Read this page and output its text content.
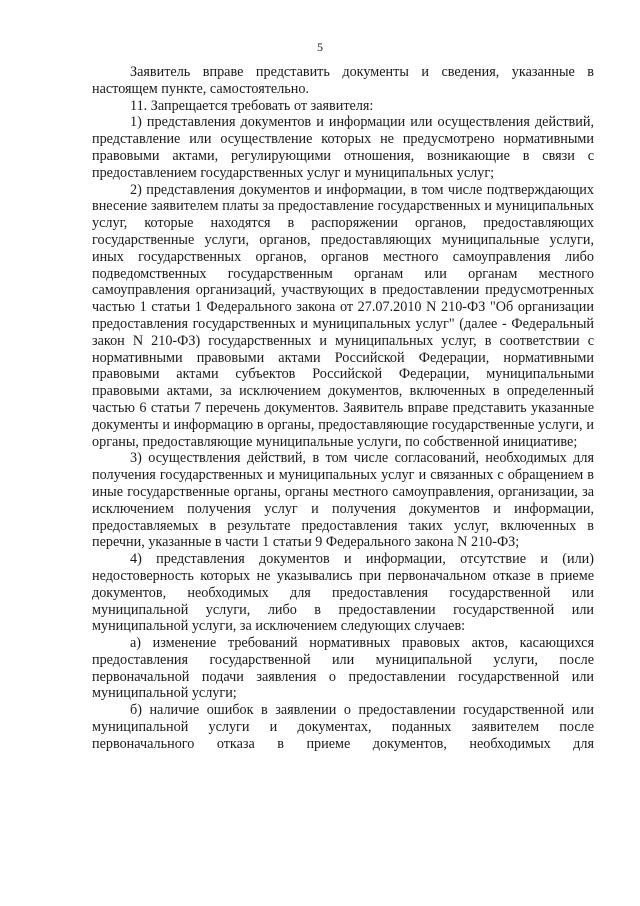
5

Заявитель вправе представить документы и сведения, указанные в настоящем пункте, самостоятельно.

11. Запрещается требовать от заявителя:

1) представления документов и информации или осуществления действий, представление или осуществление которых не предусмотрено нормативными правовыми актами, регулирующими отношения, возникающие в связи с предоставлением государственных услуг и муниципальных услуг;

2) представления документов и информации, в том числе подтверждающих внесение заявителем платы за предоставление государственных и муниципальных услуг, которые находятся в распоряжении органов, предоставляющих государственные услуги, органов, предоставляющих муниципальные услуги, иных государственных органов, органов местного самоуправления либо подведомственных государственным органам или органам местного самоуправления организаций, участвующих в предоставлении предусмотренных частью 1 статьи 1 Федерального закона от 27.07.2010 N 210-ФЗ "Об организации предоставления государственных и муниципальных услуг" (далее - Федеральный закон N 210-ФЗ) государственных и муниципальных услуг, в соответствии с нормативными правовыми актами Российской Федерации, нормативными правовыми актами субъектов Российской Федерации, муниципальными правовыми актами, за исключением документов, включенных в определенный частью 6 статьи 7 перечень документов. Заявитель вправе представить указанные документы и информацию в органы, предоставляющие государственные услуги, и органы, предоставляющие муниципальные услуги, по собственной инициативе;

3) осуществления действий, в том числе согласований, необходимых для получения государственных и муниципальных услуг и связанных с обращением в иные государственные органы, органы местного самоуправления, организации, за исключением получения услуг и получения документов и информации, предоставляемых в результате предоставления таких услуг, включенных в перечни, указанные в части 1 статьи 9 Федерального закона N 210-ФЗ;

4) представления документов и информации, отсутствие и (или) недостоверность которых не указывались при первоначальном отказе в приеме документов, необходимых для предоставления государственной или муниципальной услуги, либо в предоставлении государственной или муниципальной услуги, за исключением следующих случаев:

а) изменение требований нормативных правовых актов, касающихся предоставления государственной или муниципальной услуги, после первоначальной подачи заявления о предоставлении государственной или муниципальной услуги;

б) наличие ошибок в заявлении о предоставлении государственной или муниципальной услуги и документах, поданных заявителем после первоначального отказа в приеме документов, необходимых для
